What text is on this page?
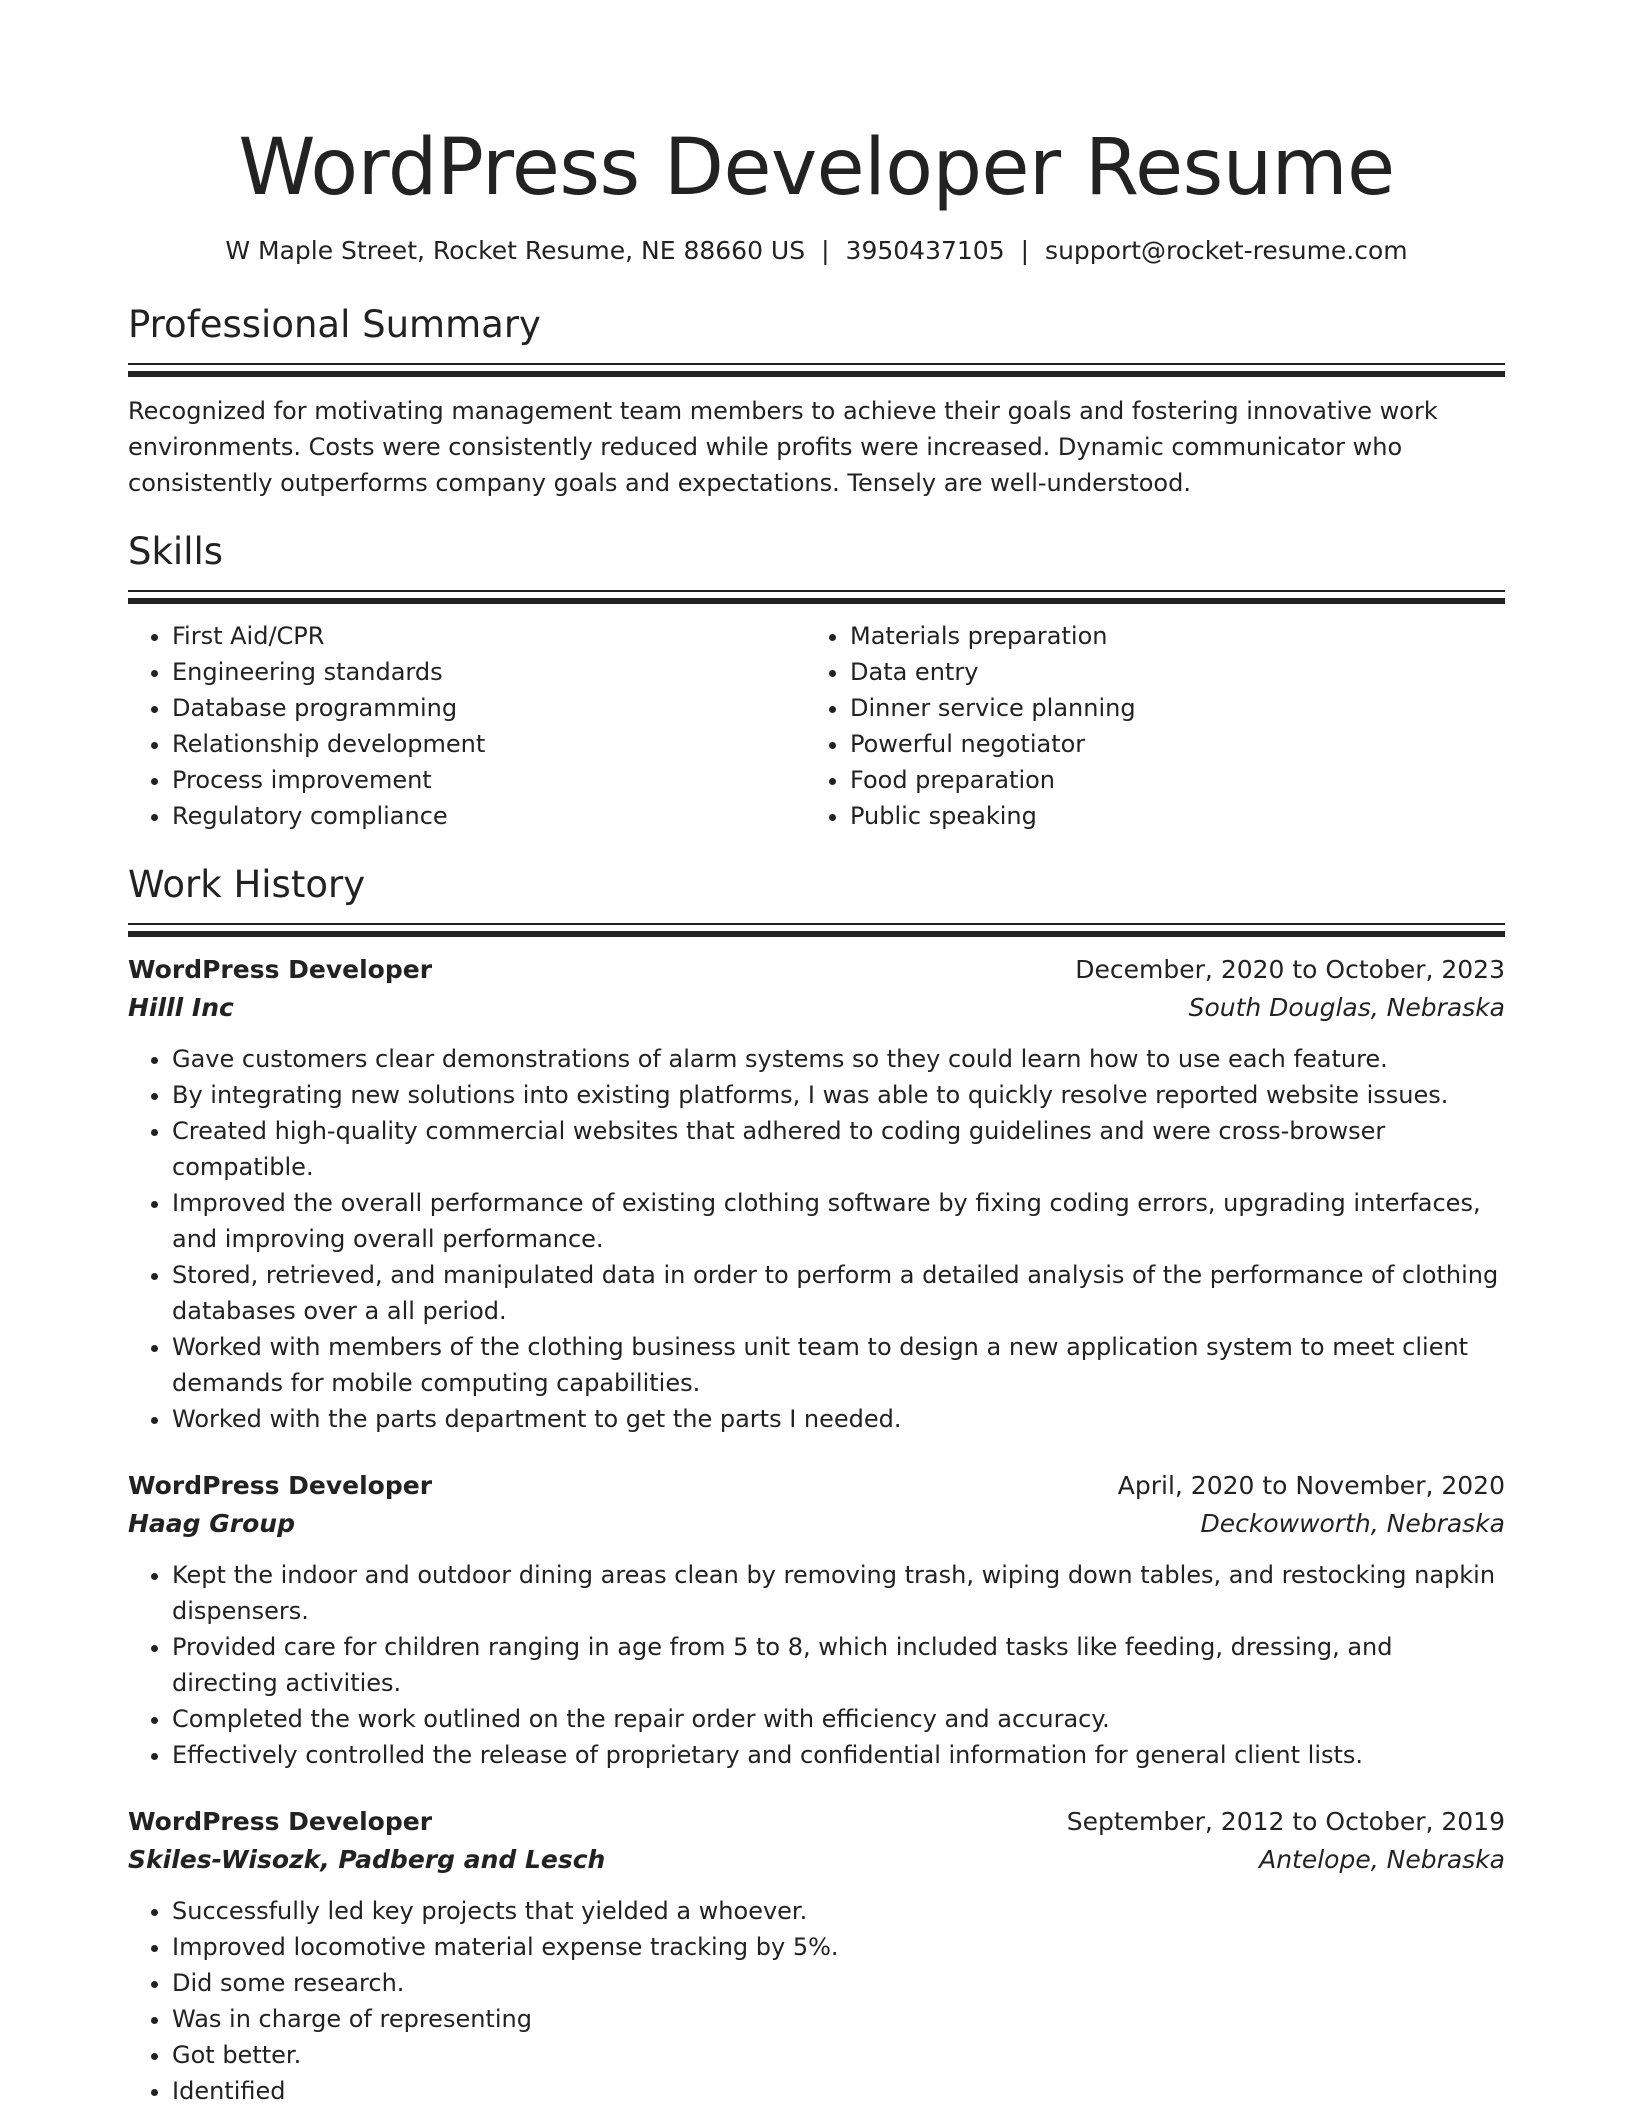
WordPress Developer Resume
W Maple Street, Rocket Resume, NE 88660 US | 3950437105 | support@rocket-resume.com
Professional Summary
Recognized for motivating management team members to achieve their goals and fostering innovative work environments. Costs were consistently reduced while profits were increased. Dynamic communicator who consistently outperforms company goals and expectations. Tensely are well-understood.
Skills
• First Aid/CPR
• Engineering standards
• Database programming
• Relationship development
• Process improvement
• Regulatory compliance
• Materials preparation
• Data entry
• Dinner service planning
• Powerful negotiator
• Food preparation
• Public speaking
Work History
WordPress Developer	December, 2020 to October, 2023
Hilll Inc	South Douglas, Nebraska
• Gave customers clear demonstrations of alarm systems so they could learn how to use each feature.
• By integrating new solutions into existing platforms, I was able to quickly resolve reported website issues.
• Created high-quality commercial websites that adhered to coding guidelines and were cross-browser compatible.
• Improved the overall performance of existing clothing software by fixing coding errors, upgrading interfaces, and improving overall performance.
• Stored, retrieved, and manipulated data in order to perform a detailed analysis of the performance of clothing databases over a all period.
• Worked with members of the clothing business unit team to design a new application system to meet client demands for mobile computing capabilities.
• Worked with the parts department to get the parts I needed.
WordPress Developer	April, 2020 to November, 2020
Haag Group	Deckowworth, Nebraska
• Kept the indoor and outdoor dining areas clean by removing trash, wiping down tables, and restocking napkin dispensers.
• Provided care for children ranging in age from 5 to 8, which included tasks like feeding, dressing, and directing activities.
• Completed the work outlined on the repair order with efficiency and accuracy.
• Effectively controlled the release of proprietary and confidential information for general client lists.
WordPress Developer	September, 2012 to October, 2019
Skiles-Wisozk, Padberg and Lesch	Antelope, Nebraska
• Successfully led key projects that yielded a whoever.
• Improved locomotive material expense tracking by 5%.
• Did some research.
• Was in charge of representing
• Got better.
• Identified
